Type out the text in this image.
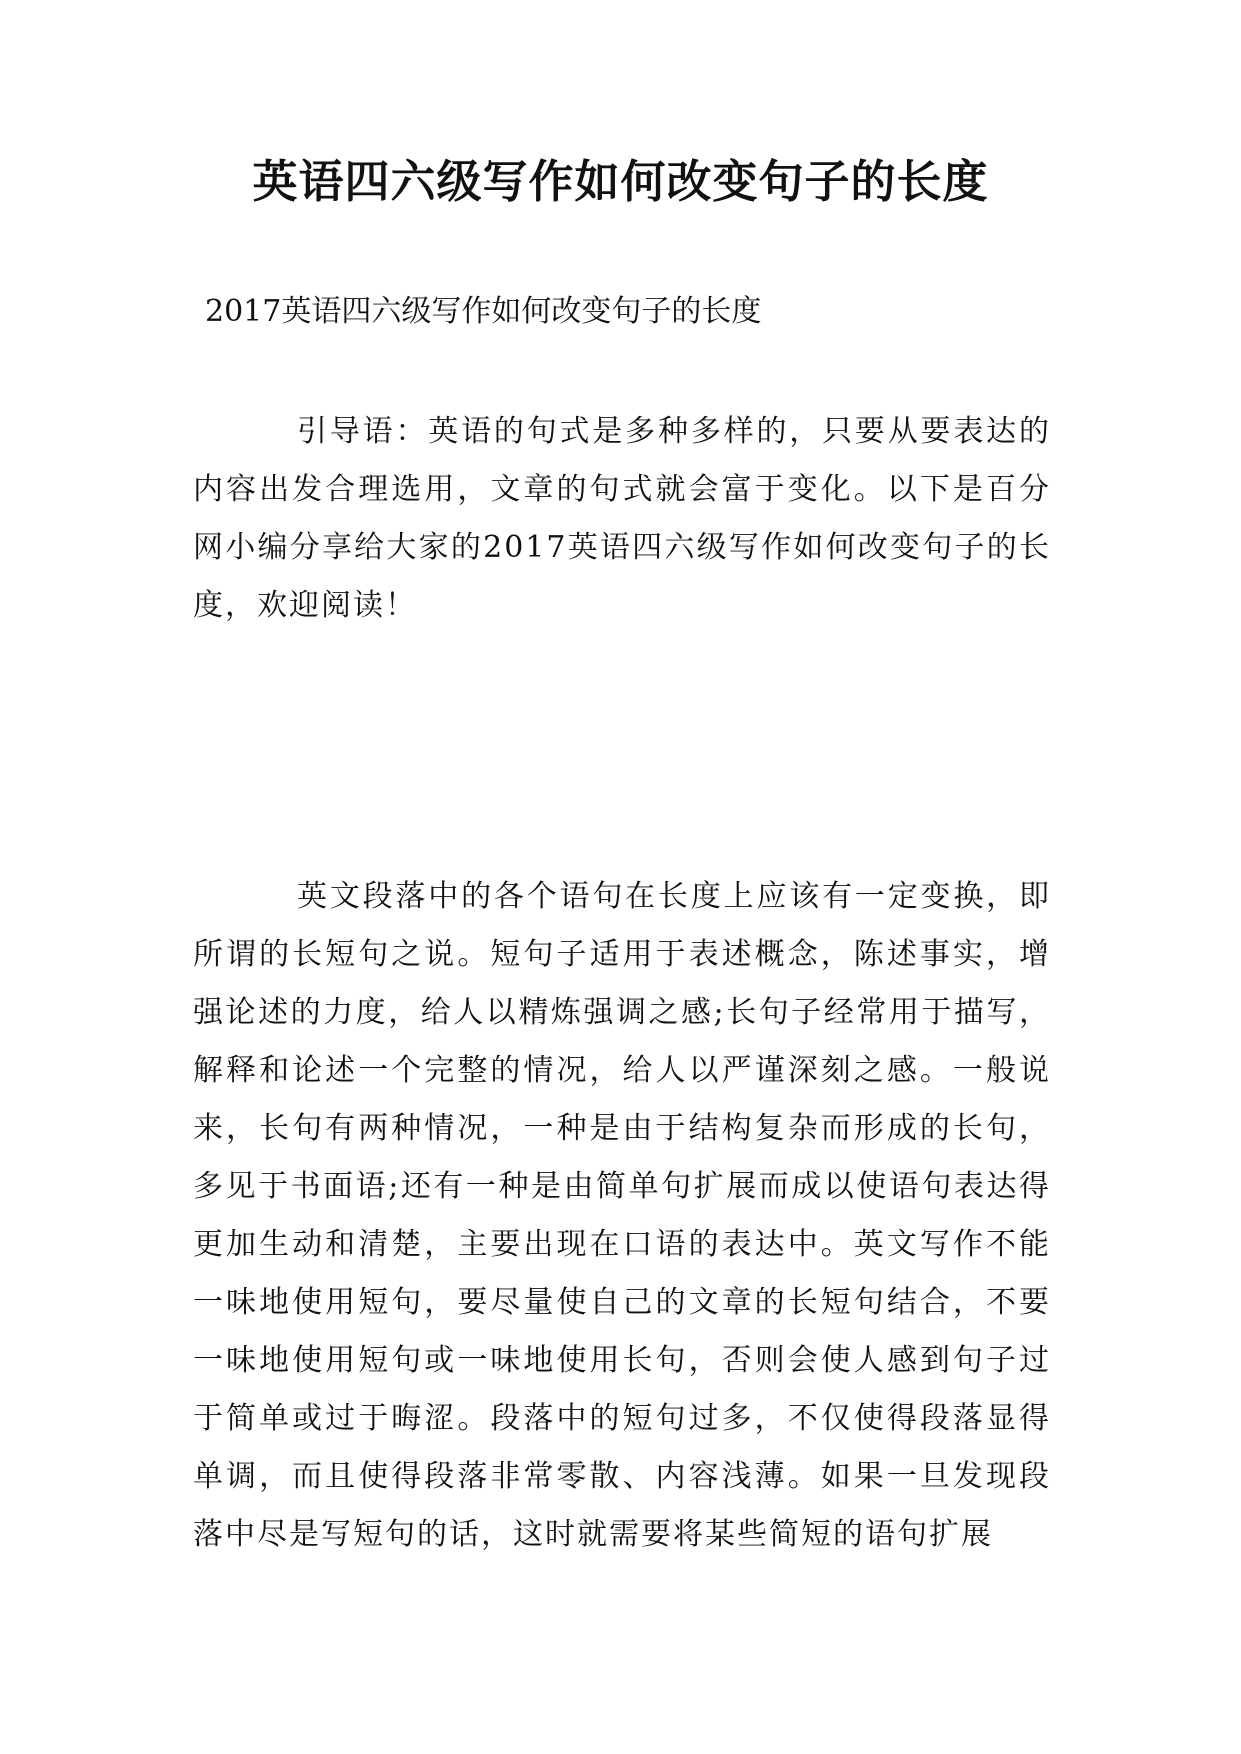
英语四六级写作如何改变句子的长度

2017英语四六级写作如何改变句子的长度

引导语：英语的句式是多种多样的，只要从要表达的内容出发合理选用，文章的句式就会富于变化。以下是百分网小编分享给大家的2017英语四六级写作如何改变句子的长度，欢迎阅读！

英文段落中的各个语句在长度上应该有一定变换，即所谓的长短句之说。短句子适用于表述概念，陈述事实，增强论述的力度，给人以精炼强调之感;长句子经常用于描写，解释和论述一个完整的情况，给人以严谨深刻之感。一般说来，长句有两种情况，一种是由于结构复杂而形成的长句，多见于书面语;还有一种是由简单句扩展而成以使语句表达得更加生动和清楚，主要出现在口语的表达中。英文写作不能一味地使用短句，要尽量使自己的文章的长短句结合，不要一味地使用短句或一味地使用长句，否则会使人感到句子过于简单或过于晦涩。段落中的短句过多，不仅使得段落显得单调，而且使得段落非常零散、内容浅薄。如果一旦发现段落中尽是写短句的话，这时就需要将某些简短的语句扩展
